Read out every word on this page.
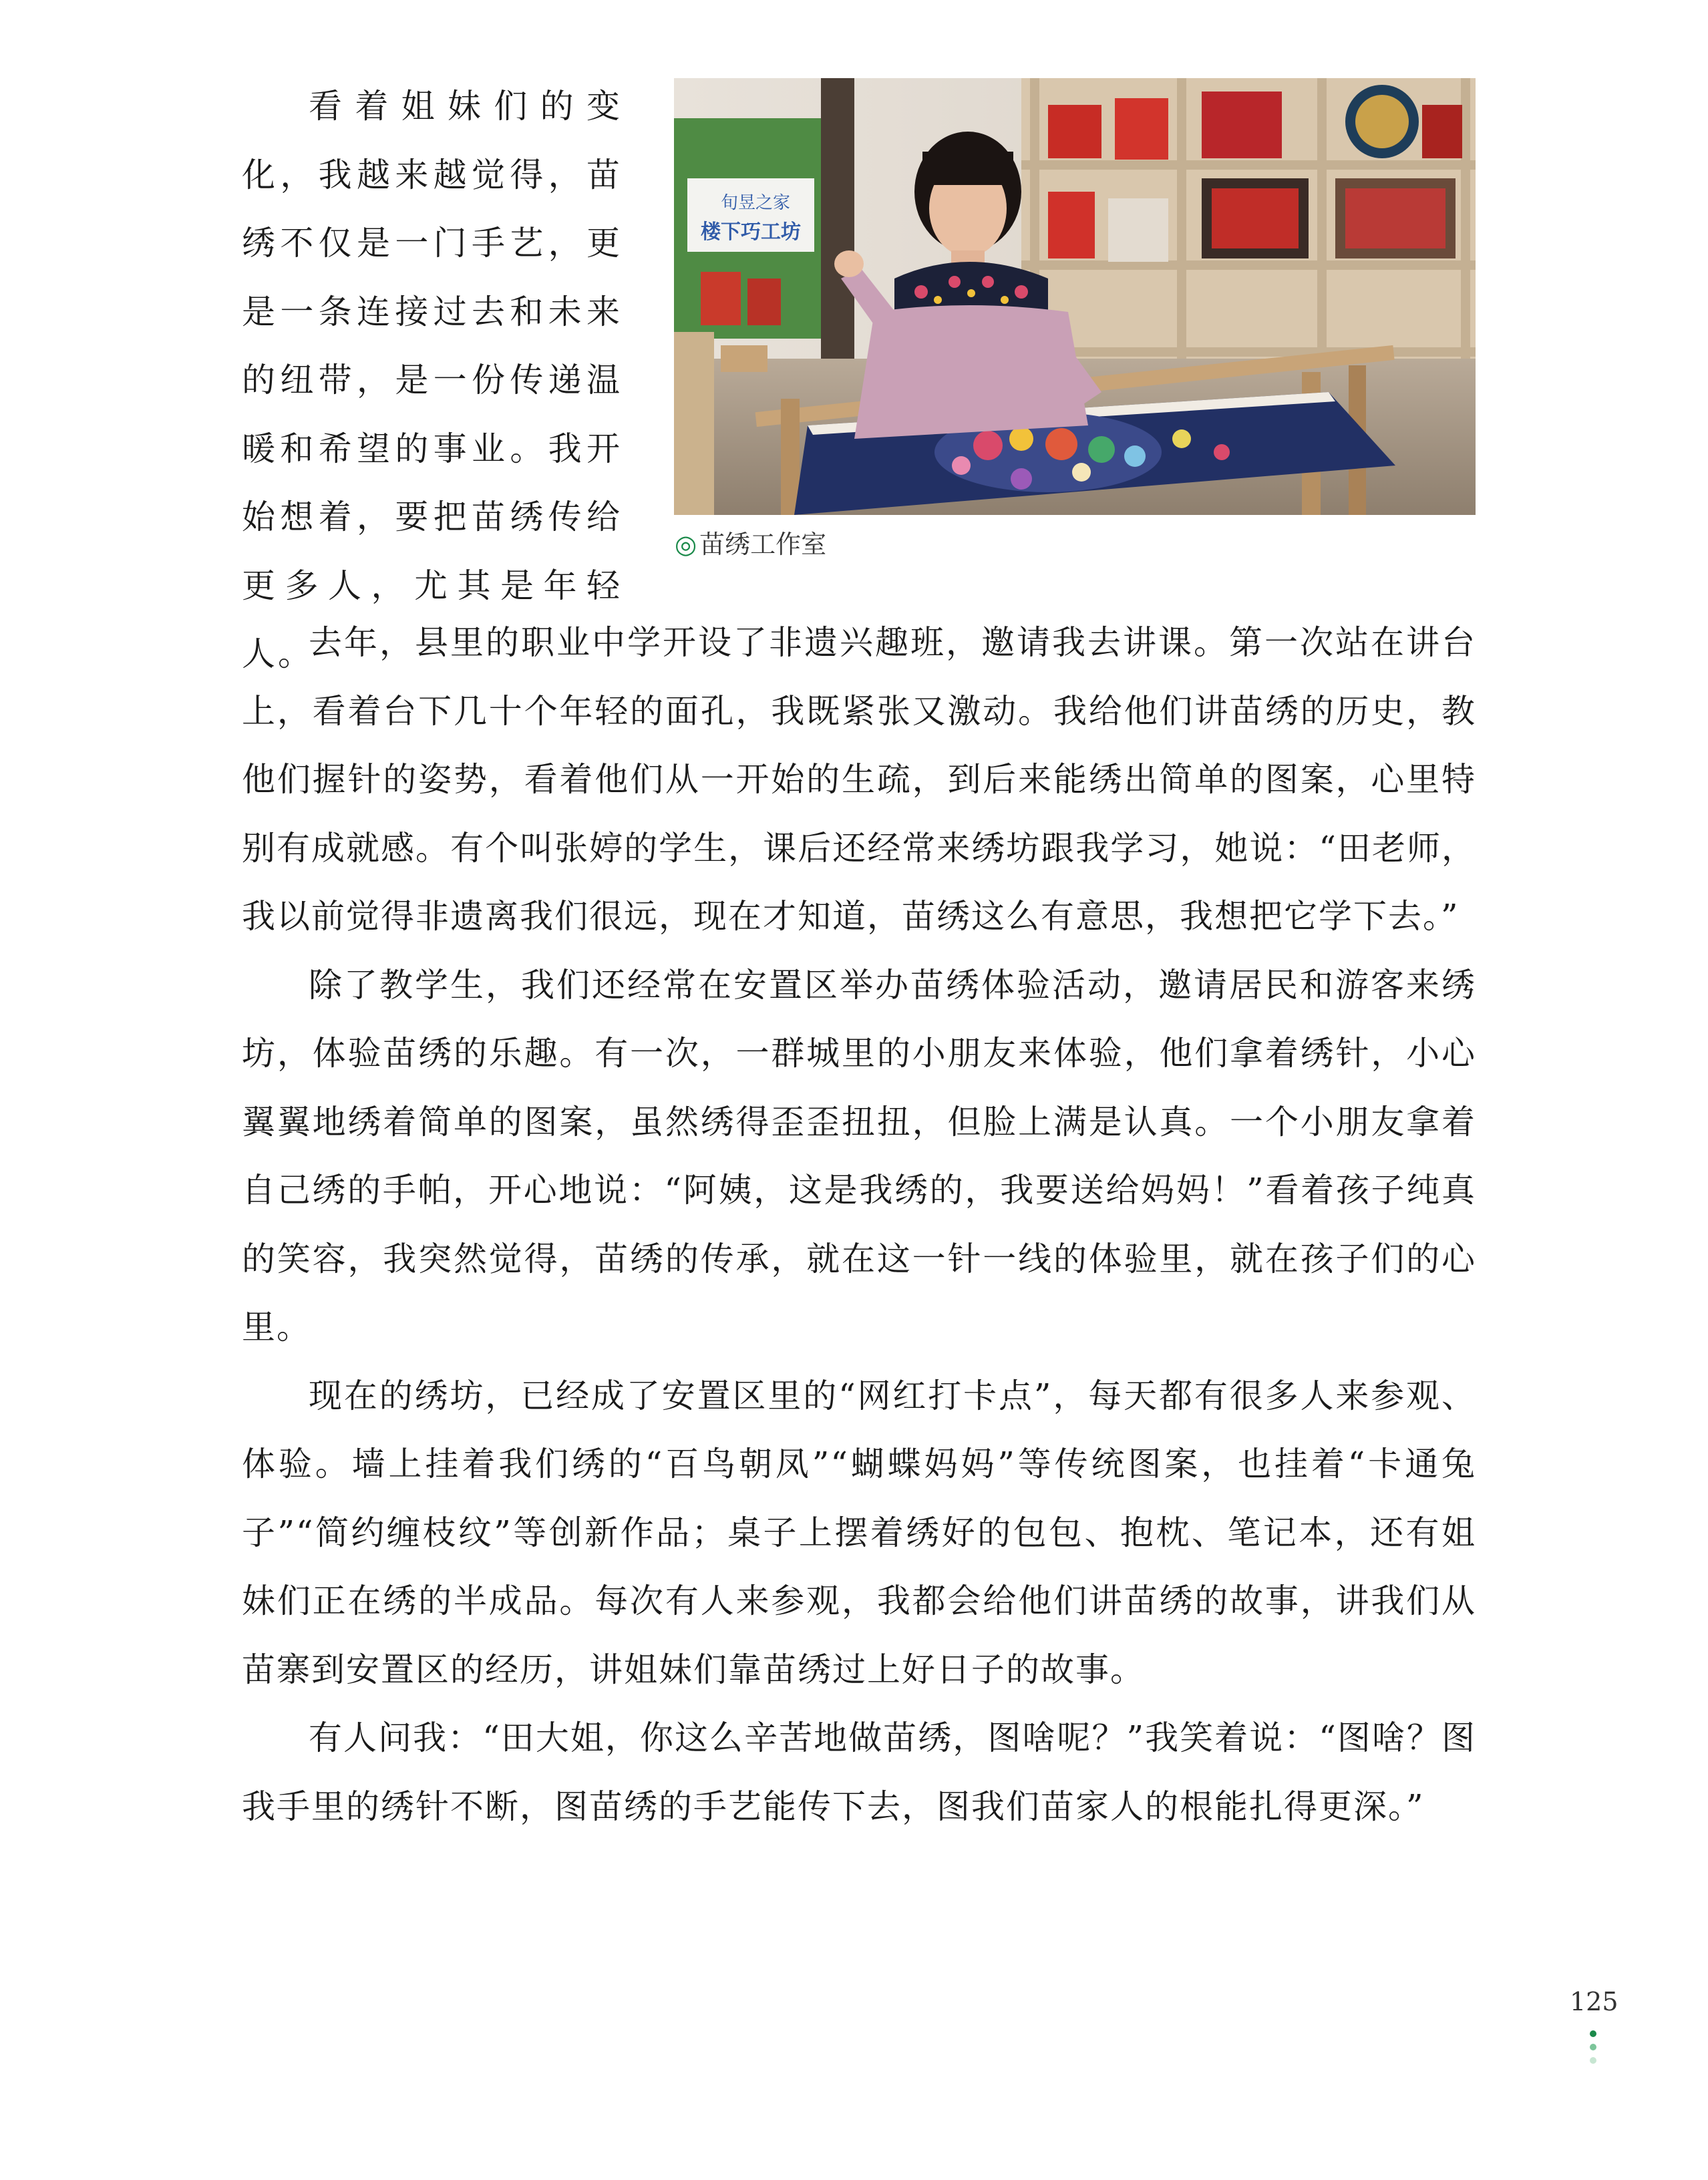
看着姐妹们的变化，我越来越觉得，苗绣不仅是一门手艺，更是一条连接过去和未来的纽带，是一份传递温暖和希望的事业。我开始想着，要把苗绣传给更多人，尤其是年轻人。

旬昱之家
楼下巧工坊
◎ 苗绣工作室

去年，县里的职业中学开设了非遗兴趣班，邀请我去讲课。第一次站在讲台上，看着台下几十个年轻的面孔，我既紧张又激动。我给他们讲苗绣的历史，教他们握针的姿势，看着他们从一开始的生疏，到后来能绣出简单的图案，心里特别有成就感。有个叫张婷的学生，课后还经常来绣坊跟我学习，她说：“田老师，我以前觉得非遗离我们很远，现在才知道，苗绣这么有意思，我想把它学下去。”

除了教学生，我们还经常在安置区举办苗绣体验活动，邀请居民和游客来绣坊，体验苗绣的乐趣。有一次，一群城里的小朋友来体验，他们拿着绣针，小心翼翼地绣着简单的图案，虽然绣得歪歪扭扭，但脸上满是认真。一个小朋友拿着自己绣的手帕，开心地说：“阿姨，这是我绣的，我要送给妈妈！”看着孩子纯真的笑容，我突然觉得，苗绣的传承，就在这一针一线的体验里，就在孩子们的心里。

现在的绣坊，已经成了安置区里的“网红打卡点”，每天都有很多人来参观、体验。墙上挂着我们绣的“百鸟朝凤”“蝴蝶妈妈”等传统图案，也挂着“卡通兔子”“简约缠枝纹”等创新作品；桌子上摆着绣好的包包、抱枕、笔记本，还有姐妹们正在绣的半成品。每次有人来参观，我都会给他们讲苗绣的故事，讲我们从苗寨到安置区的经历，讲姐妹们靠苗绣过上好日子的故事。

有人问我：“田大姐，你这么辛苦地做苗绣，图啥呢？”我笑着说：“图啥？图我手里的绣针不断，图苗绣的手艺能传下去，图我们苗家人的根能扎得更深。”

125
